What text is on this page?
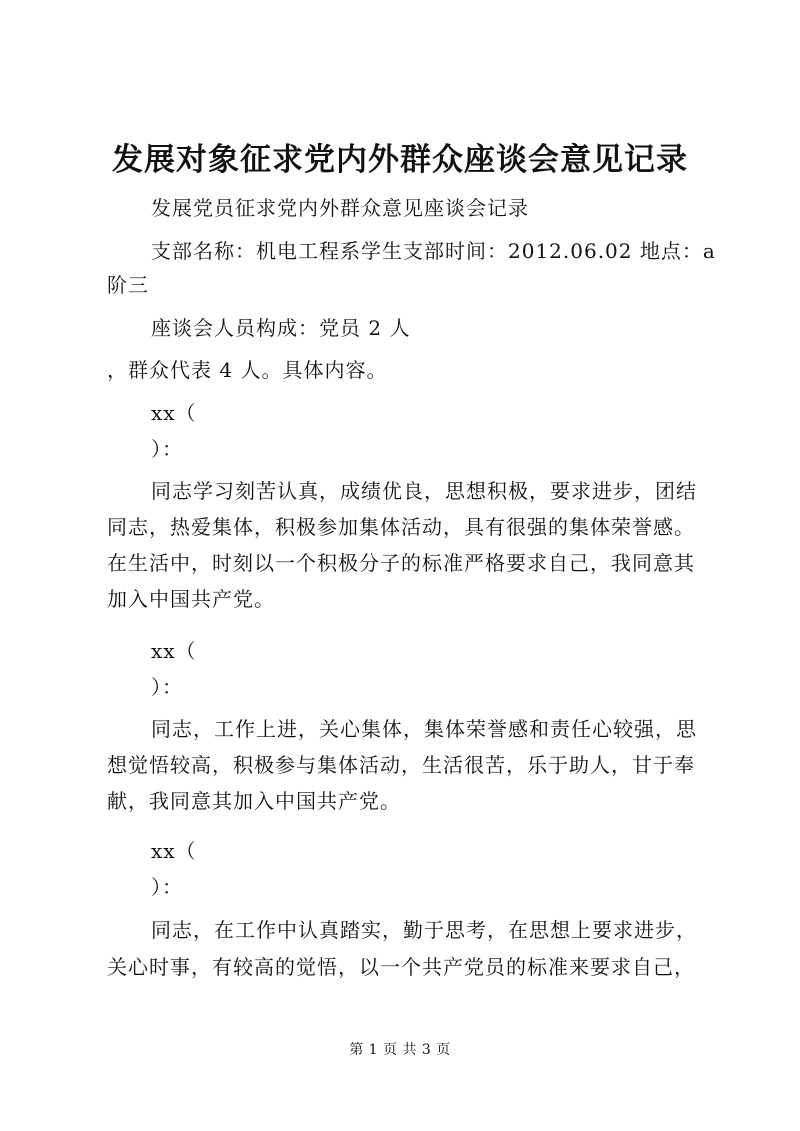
发展对象征求党内外群众座谈会意见记录

发展党员征求党内外群众意见座谈会记录

支部名称：机电工程系学生支部时间：2012.06.02 地点：a

阶三

座谈会人员构成：党员 2 人

，群众代表 4 人。具体内容。

xx（

）：

同志学习刻苦认真，成绩优良，思想积极，要求进步，团结

同志，热爱集体，积极参加集体活动，具有很强的集体荣誉感。

在生活中，时刻以一个积极分子的标准严格要求自己，我同意其

加入中国共产党。

xx（

）：

同志，工作上进，关心集体，集体荣誉感和责任心较强，思

想觉悟较高，积极参与集体活动，生活很苦，乐于助人，甘于奉

献，我同意其加入中国共产党。

xx（

）：

同志，在工作中认真踏实，勤于思考，在思想上要求进步，

关心时事，有较高的觉悟，以一个共产党员的标准来要求自己，

第 1 页 共 3 页
